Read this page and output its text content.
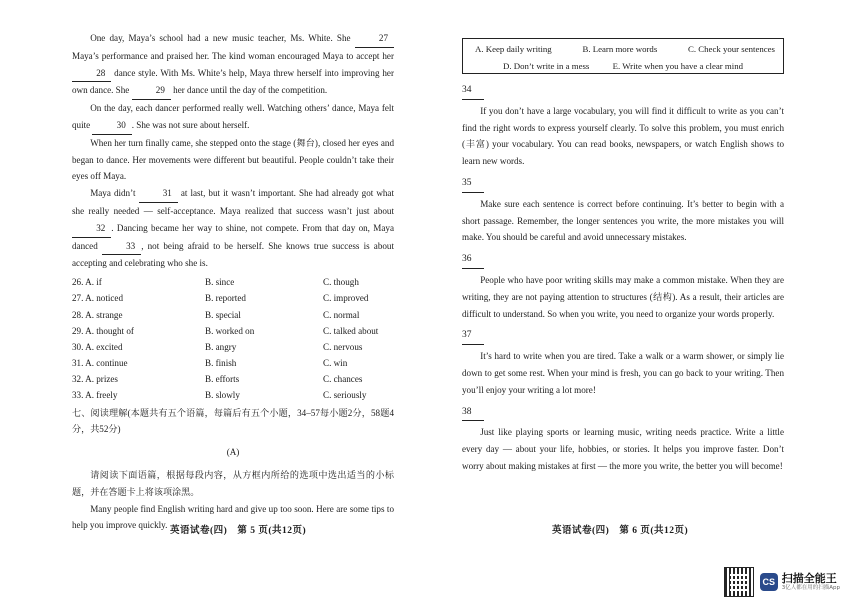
One day, Maya’s school had a new music teacher, Ms. White. She	27 Maya’s performance and praised her. The kind woman encouraged Maya to accept her 28 dance style. With Ms. White’s help, Maya threw herself into improving her own dance. She	29 her dance until the day of the competition.

On the day, each dancer performed really well. Watching others’ dance, Maya felt quite	30 . She was not sure about herself.

When her turn finally came, she stepped onto the stage (舞台), closed her eyes and began to dance. Her movements were different but beautiful. People couldn’t take their eyes off Maya.

Maya didn’t	31 at last, but it wasn’t important. She had already got what she really needed — self-acceptance. Maya realized that success wasn’t just about 32 . Dancing became her way to shine, not compete. From that day on, Maya danced	33 , not being afraid to be herself. She knows true success is about accepting and celebrating who she is.

26. A. if	B. since	C. though
27. A. noticed	B. reported	C. improved
28. A. strange	B. special	C. normal
29. A. thought of	B. worked on	C. talked about
30. A. excited	B. angry	C. nervous
31. A. continue	B. finish	C. win
32. A. prizes	B. efforts	C. chances
33. A. freely	B. slowly	C. seriously

七、阅读理解(本题共有五个语篇，每篇后有五个小题，34–57每小题2分，58题4分，共52分)

(A)

请阅读下面语篇，根据每段内容，从方框内所给的选项中选出适当的小标题，并在答题卡上将该项涂黑。

Many people find English writing hard and give up too soon. Here are some tips to help you improve quickly.

A. Keep daily writing	B. Learn more words	C. Check your sentences
D. Don’t write in a mess	E. Write when you have a clear mind
34

If you don’t have a large vocabulary, you will find it difficult to write as you can’t find the right words to express yourself clearly. To solve this problem, you must enrich (丰富) your vocabulary. You can read books, newspapers, or watch English shows to learn new words.

35

Make sure each sentence is correct before continuing. It’s better to begin with a short passage. Remember, the longer sentences you write, the more mistakes you will make. You should be careful and avoid unnecessary mistakes.

36

People who have poor writing skills may make a common mistake. When they are writing, they are not paying attention to structures (结构). As a result, their articles are difficult to understand. So when you write, you need to organize your words properly.

37

It’s hard to write when you are tired. Take a walk or a warm shower, or simply lie down to get some rest. When your mind is fresh, you can go back to your writing. Then you’ll enjoy your writing a lot more!

38

Just like playing sports or learning music, writing needs practice. Write a little every day — about your life, hobbies, or stories. It helps you improve faster. Don’t worry about making mistakes at first — the more you write, the better you will become!

英语试卷(四)　第 5 页(共12页)	英语试卷(四)　第 6 页(共12页)
CS 扫描全能王
3亿人都在用的扫描App
